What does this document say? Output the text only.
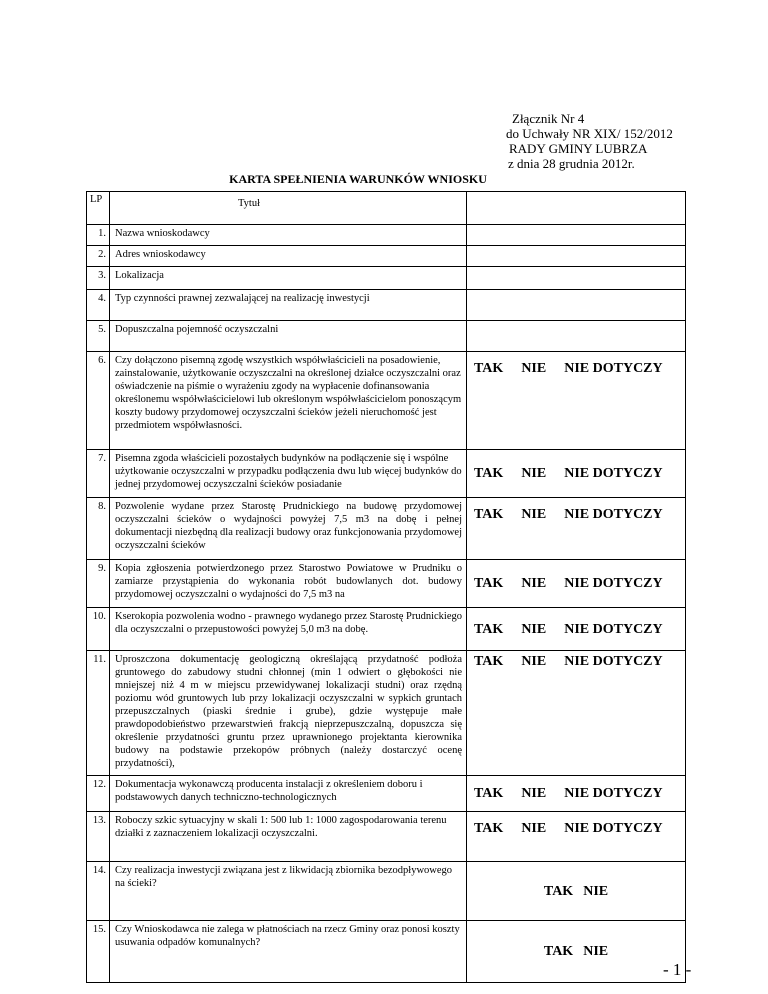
Złącznik Nr 4
do Uchwały NR XIX/ 152/2012
RADY GMINY LUBRZA
z dnia 28 grudnia 2012r.
KARTA SPEŁNIENIA WARUNKÓW WNIOSKU
LP	Tytuł	
1.	Nazwa wnioskodawcy	
2.	Adres wnioskodawcy	
3.	Lokalizacja	
4.	Typ czynności prawnej zezwalającej na realizację inwestycji	
5.	Dopuszczalna pojemność oczyszczalni	
6.	Czy dołączono pisemną zgodę wszystkich współwłaścicieli na posadowienie, zainstalowanie, użytkowanie oczyszczalni na określonej działce oczyszczalni oraz oświadczenie na piśmie o wyrażeniu zgody na wypłacenie dofinansowania określonemu współwłaścicielowi lub określonym współwłaścicielom ponoszącym koszty budowy przydomowej oczyszczalni ścieków jeżeli nieruchomość jest przedmiotem współwłasności.	TAK NIE NIE DOTYCZY

7.	Pisemna zgoda właścicieli pozostałych budynków na podłączenie się i wspólne użytkowanie oczyszczalni w przypadku podłączenia dwu lub więcej budynków do jednej przydomowej oczyszczalni ścieków posiadanie	TAK NIE NIE DOTYCZY

8.	Pozwolenie wydane przez Starostę Prudnickiego na budowę przydomowej oczyszczalni ścieków o wydajności powyżej 7,5 m3 na dobę i pełnej dokumentacji niezbędną dla realizacji budowy oraz funkcjonowania przydomowej oczyszczalni ścieków	TAK NIE NIE DOTYCZY

9.	Kopia zgłoszenia potwierdzonego przez Starostwo Powiatowe w Prudniku o zamiarze przystąpienia do wykonania robót budowlanych dot. budowy przydomowej oczyszczalni o wydajności do 7,5 m3 na	TAK NIE NIE DOTYCZY

10.	Kserokopia pozwolenia wodno - prawnego wydanego przez Starostę Prudnickiego dla oczyszczalni o przepustowości powyżej 5,0 m3 na dobę.	TAK NIE NIE DOTYCZY

11.	Uproszczona dokumentację geologiczną określającą przydatność podłoża gruntowego do zabudowy studni chłonnej (min 1 odwiert o głębokości nie mniejszej niż 4 m w miejscu przewidywanej lokalizacji studni) oraz rzędną poziomu wód gruntowych lub przy lokalizacji oczyszczalni w sypkich gruntach przepuszczalnych (piaski średnie i grube), gdzie występuje małe prawdopodobieństwo przewarstwień frakcją nieprzepuszczalną, dopuszcza się określenie przydatności gruntu przez uprawnionego projektanta kierownika budowy na podstawie przekopów próbnych (należy dostarczyć ocenę przydatności),	TAK NIE NIE DOTYCZY

12.	Dokumentacja wykonawczą producenta instalacji z określeniem doboru i podstawowych danych techniczno-technologicznych	TAK NIE NIE DOTYCZY

13.	Roboczy szkic sytuacyjny w skali 1: 500 lub 1: 1000 zagospodarowania terenu działki z zaznaczeniem lokalizacji oczyszczalni.	TAK NIE NIE DOTYCZY

14.	Czy realizacja inwestycji związana jest z likwidacją zbiornika bezodpływowego na ścieki?	TAK NIE

15.	Czy Wnioskodawca nie zalega w płatnościach na rzecz Gminy oraz ponosi koszty usuwania odpadów komunalnych?	TAK NIE
- 1 -
